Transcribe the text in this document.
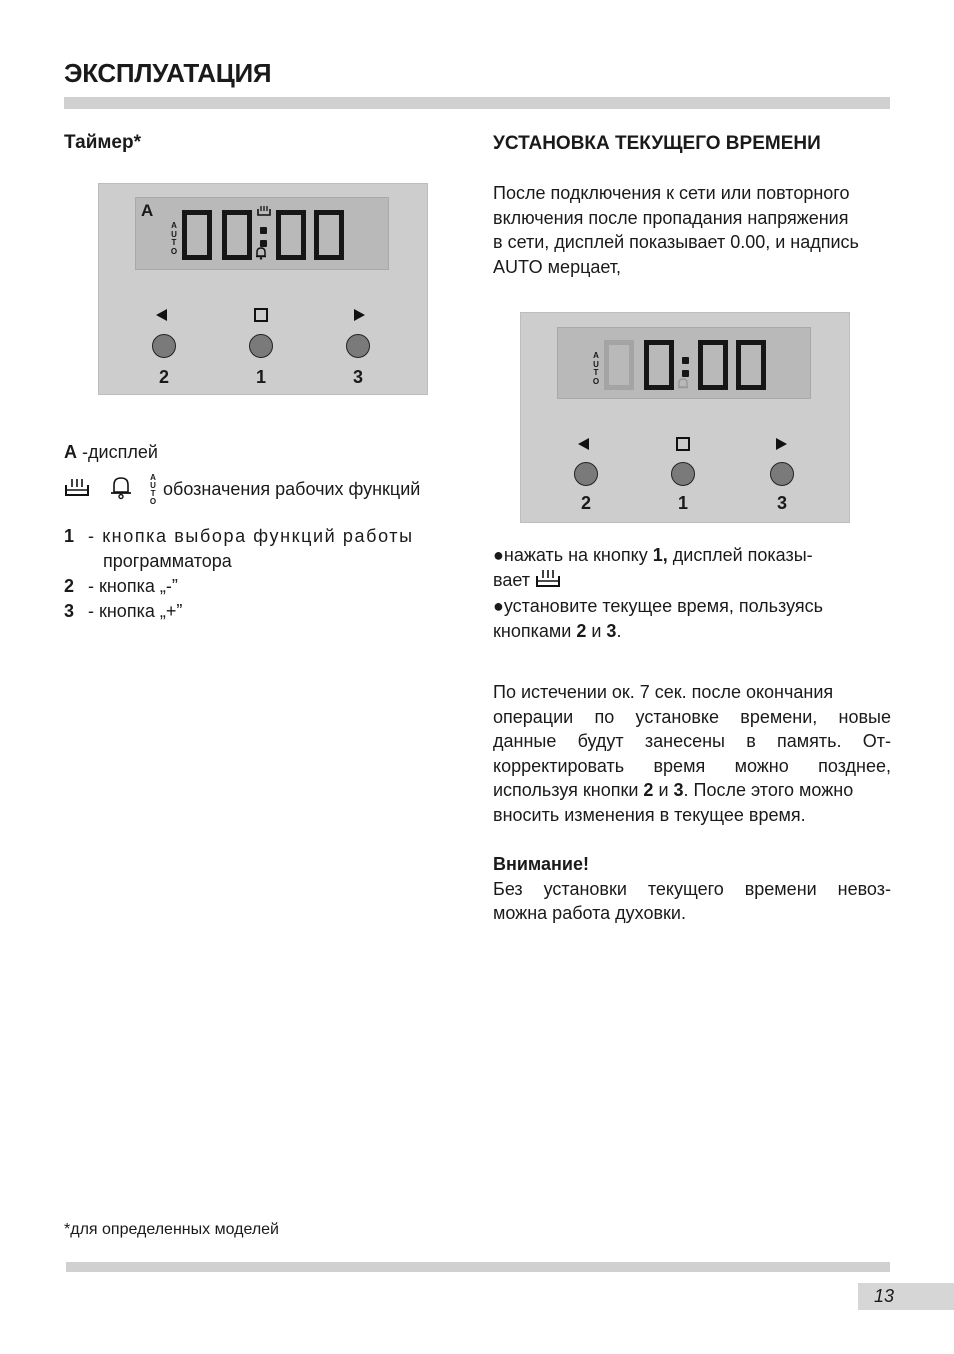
ЭКСПЛУАТАЦИЯ
Таймер*
A
A
U
T
O
2	1	3
A -дисплей

A
U
T
O
обозначения рабочих функций
1 - кнопка выбора функций работы
программатора
2 - кнопка „-”
3 - кнопка „+”
УСТАНОВКА ТЕКУЩЕГО ВРЕМЕНИ
После подключения к сети или повторного
включения после пропадания напряжения
в сети, дисплей показывает 0.00, и надпись
AUTO мерцает,
A
U
T
O
2	1	3
●нажать на кнопку 1, дисплей показы-
вает
●установите текущее время, пользуясь
кнопками 2 и 3.
По истечении ок. 7 сек. после окончания
операции по установке времени, новые
данные будут занесены в память. От-
корректировать время можно позднее,
используя кнопки 2 и 3. После этого можно
вносить изменения в текущее время.
Внимание!
Без установки текущего времени невоз-
можна работа духовки.
*для определенных моделей
13
